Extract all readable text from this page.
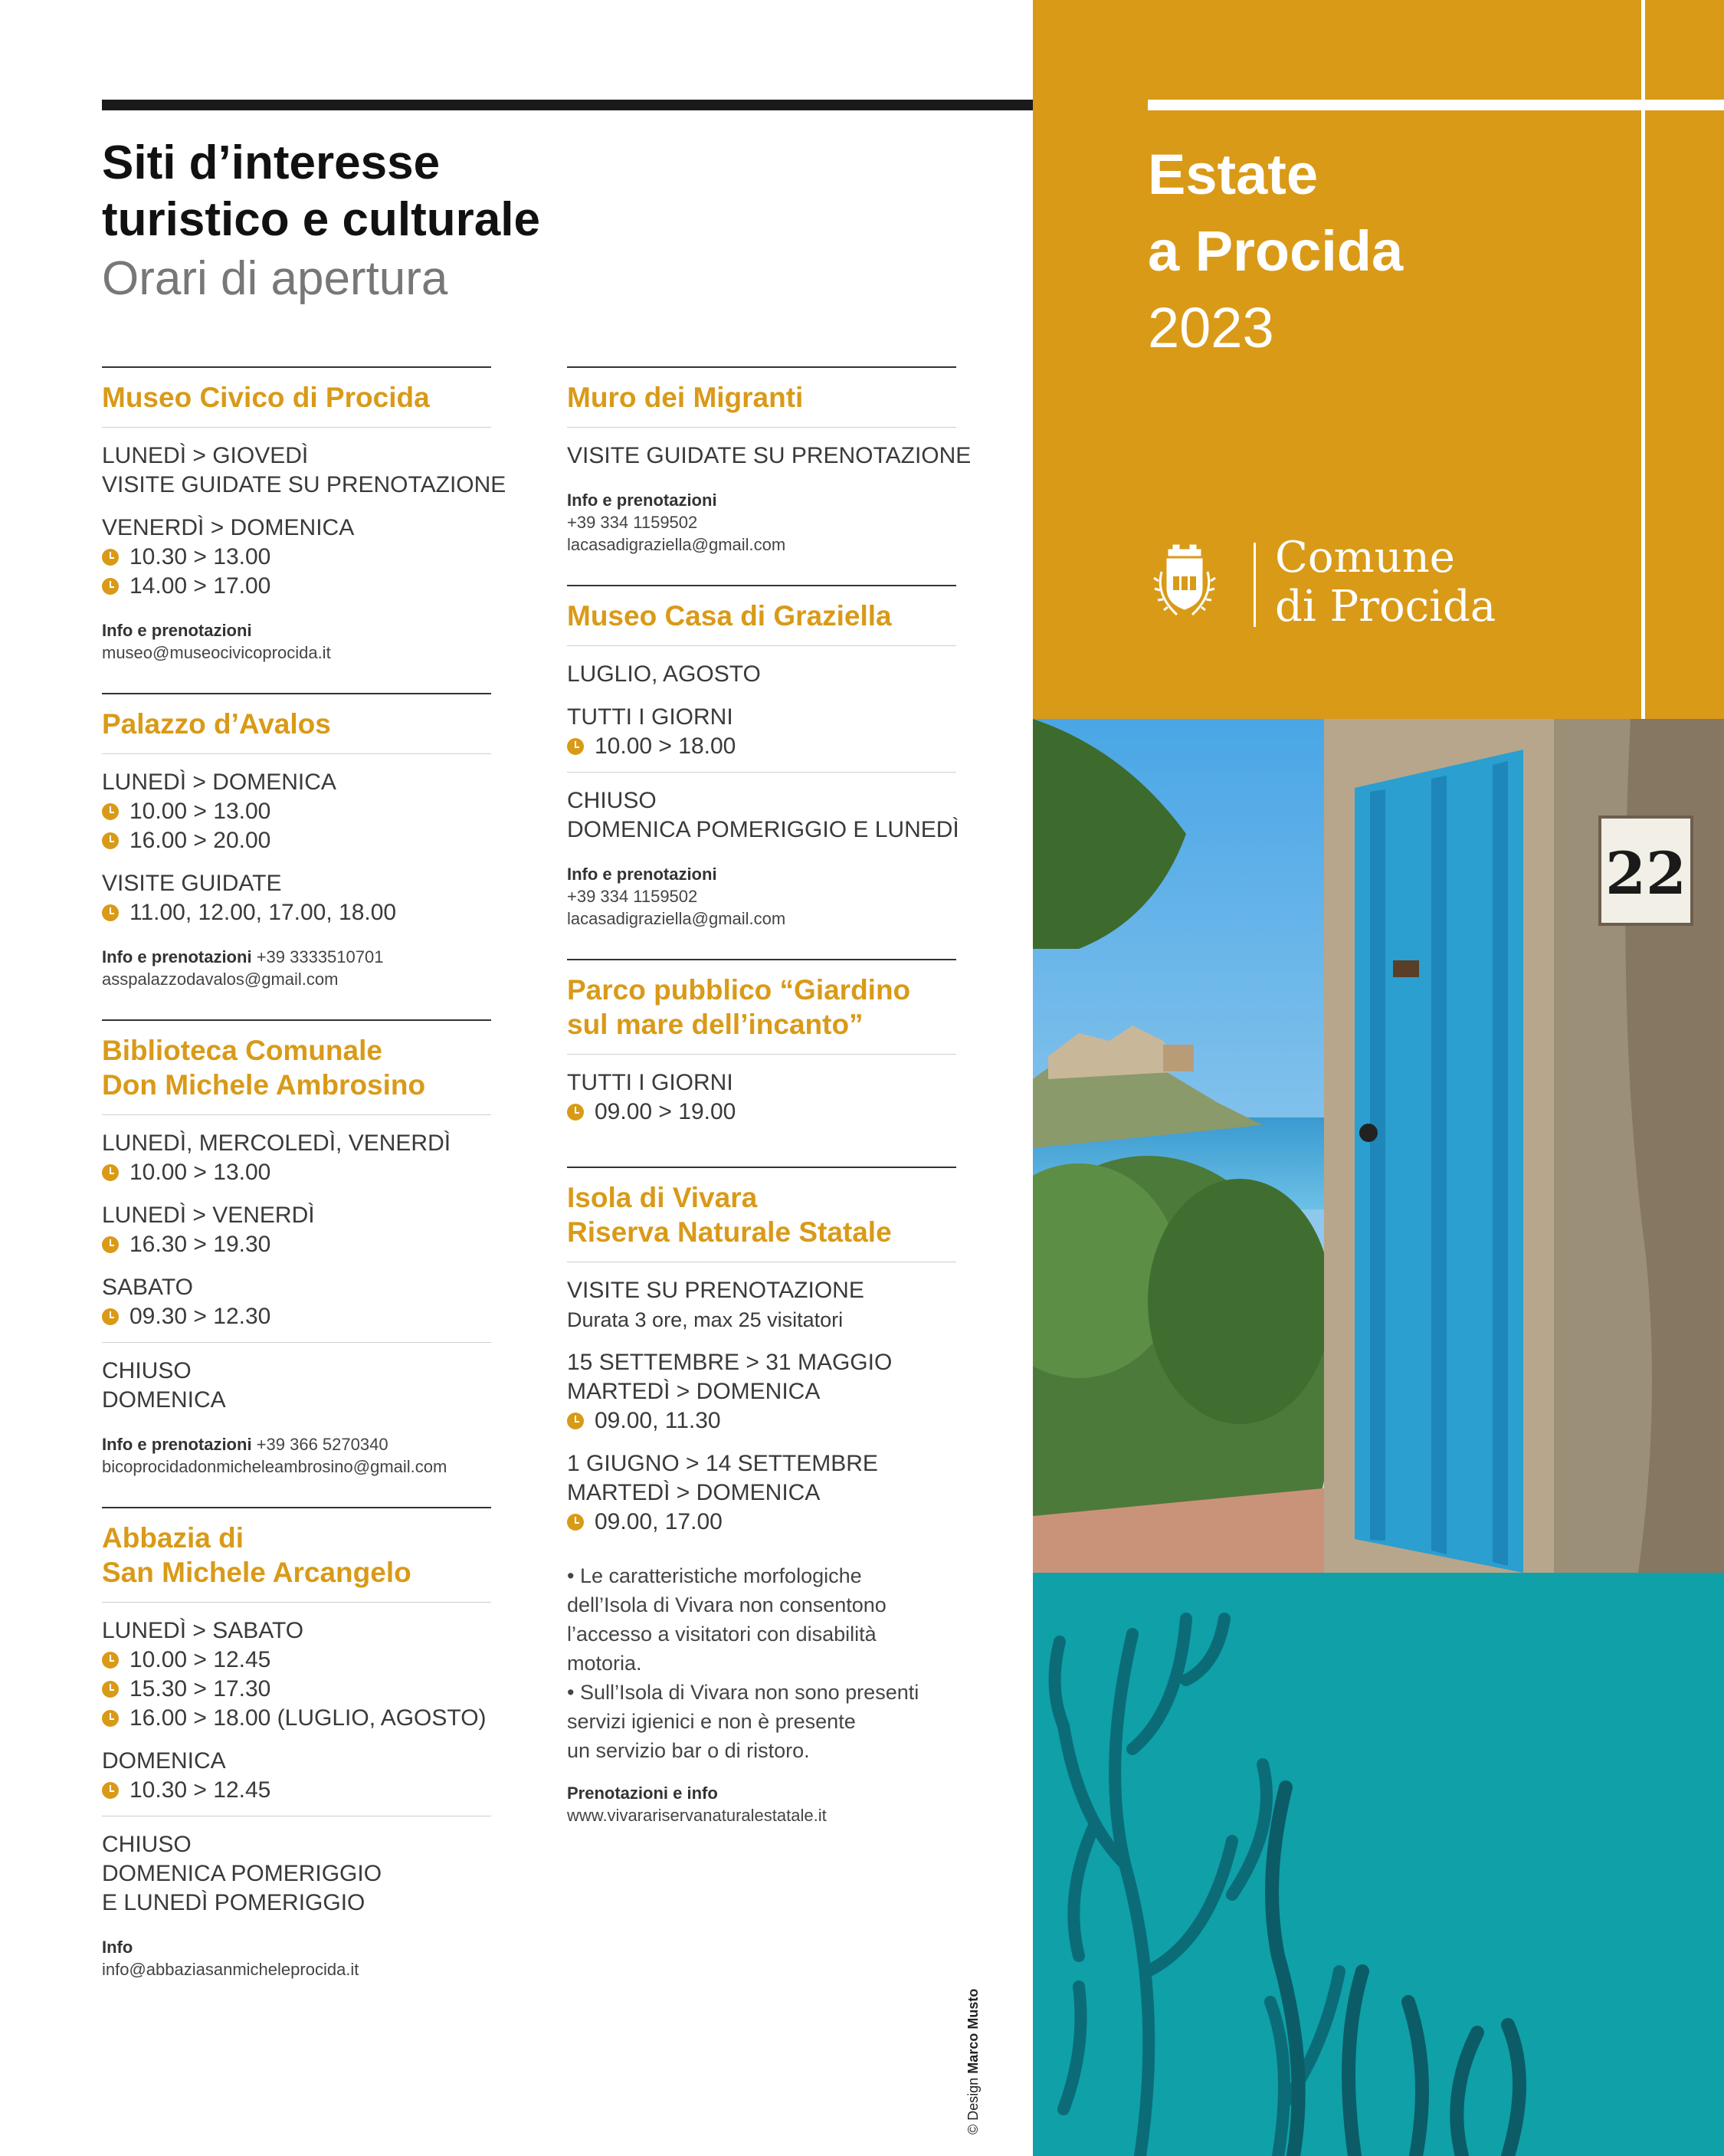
Siti d’interesse
turistico e culturale
Orari di apertura
Museo Civico di Procida
LUNEDÌ > GIOVEDÌ
VISITE GUIDATE SU PRENOTAZIONE
VENERDÌ > DOMENICA
10.30 > 13.00
14.00 > 17.00
Info e prenotazioni
museo@museocivicoprocida.it
Palazzo d’Avalos
LUNEDÌ > DOMENICA
10.00 > 13.00
16.00 > 20.00
VISITE GUIDATE
11.00, 12.00, 17.00, 18.00
Info e prenotazioni +39 3333510701
asspalazzodavalos@gmail.com
Biblioteca Comunale
Don Michele Ambrosino
LUNEDÌ, MERCOLEDÌ, VENERDÌ
10.00 > 13.00
LUNEDÌ > VENERDÌ
16.30 > 19.30
SABATO
09.30 > 12.30
CHIUSO
DOMENICA
Info e prenotazioni +39 366 5270340
bicoprocidadonmicheleambrosino@gmail.com
Abbazia di
San Michele Arcangelo
LUNEDÌ > SABATO
10.00 > 12.45
15.30 > 17.30
16.00 > 18.00 (LUGLIO, AGOSTO)
DOMENICA
10.30 > 12.45
CHIUSO
DOMENICA POMERIGGIO
E LUNEDÌ POMERIGGIO
Info
info@abbaziasanmicheleprocida.it
Muro dei Migranti
VISITE GUIDATE SU PRENOTAZIONE
Info e prenotazioni
+39 334 1159502
lacasadigraziella@gmail.com
Museo Casa di Graziella
LUGLIO, AGOSTO
TUTTI I GIORNI
10.00 > 18.00
CHIUSO
DOMENICA POMERIGGIO E LUNEDÌ
Info e prenotazioni
+39 334 1159502
lacasadigraziella@gmail.com
Parco pubblico “Giardino
sul mare dell’incanto”
TUTTI I GIORNI
09.00 > 19.00
Isola di Vivara
Riserva Naturale Statale
VISITE SU PRENOTAZIONE
Durata 3 ore, max 25 visitatori
15 SETTEMBRE > 31 MAGGIO
MARTEDÌ > DOMENICA
09.00, 11.30
1 GIUGNO > 14 SETTEMBRE
MARTEDÌ > DOMENICA
09.00, 17.00
• Le caratteristiche morfologiche
dell’Isola di Vivara non consentono
l’accesso a visitatori con disabilità
motoria.
• Sull’Isola di Vivara non sono presenti
servizi igienici e non è presente
un servizio bar o di ristoro.
Prenotazioni e info
www.vivarariservanaturalestatale.it
© Design Marco Musto
Estate
a Procida
2023
Comune
di Procida
22
